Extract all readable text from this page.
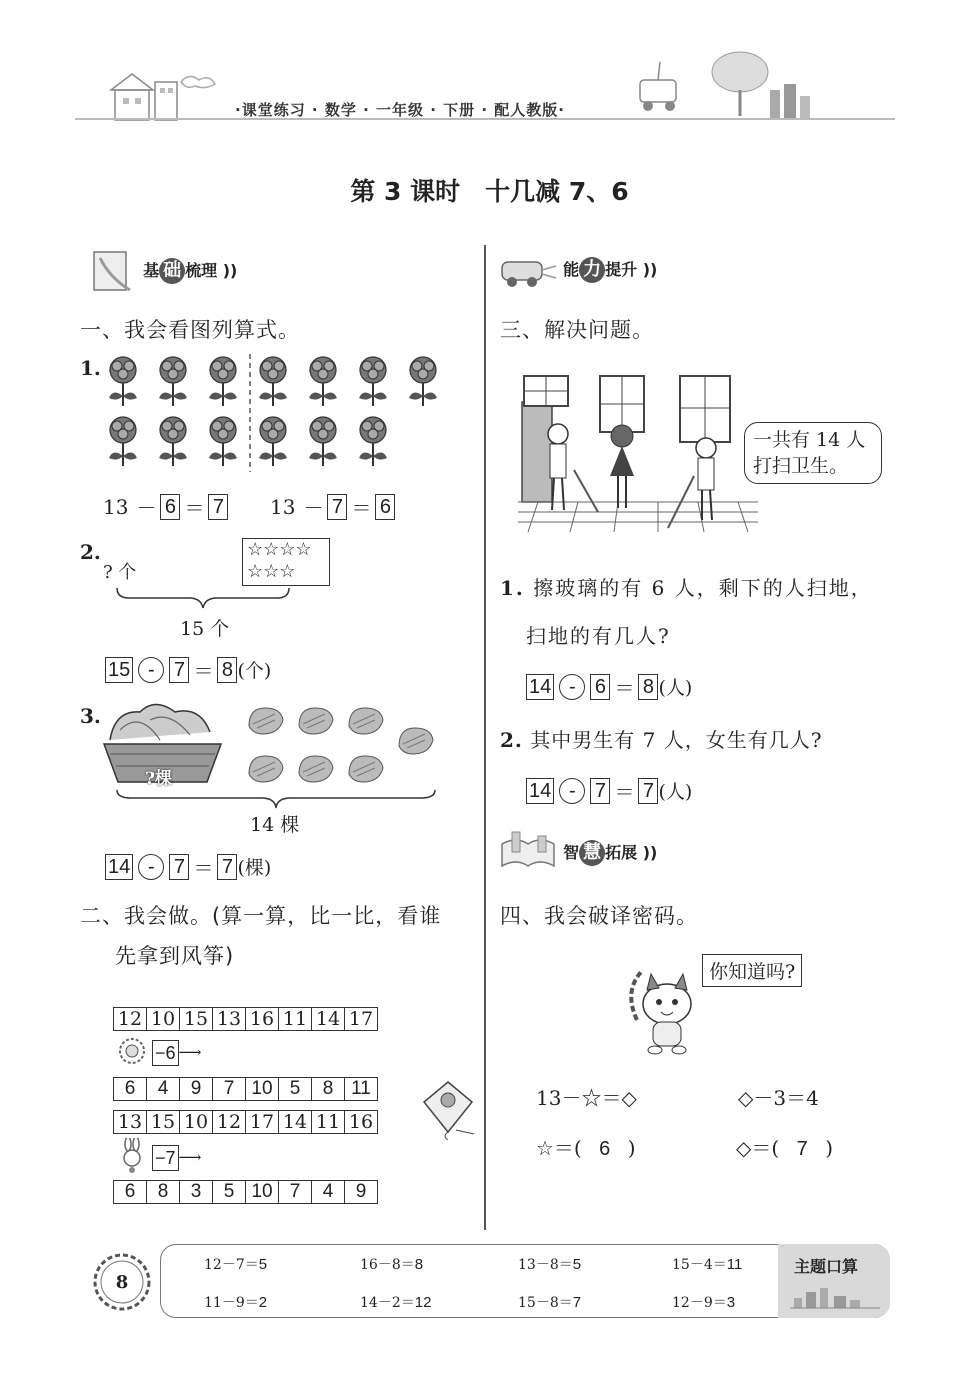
·课堂练习 · 数学 · 一年级 · 下册 · 配人教版·
第 3 课时　十几减 7、6
基 础 梳理 ))
一、我会看图列算式。
1.
13 － 6 ＝ 7 13 － 7 ＝ 6
2.
? 个
☆☆☆☆
☆☆☆
15 个
15 - 7 ＝ 8 (个)
3.
?棵
14 棵
14 - 7 ＝ 7 (棵)
二、我会做。(算一算，比一比，看谁
先拿到风筝)
12	10	15	13	16	11	14	17
−6 ⟶
6	4	9	7	10	5	8	11
13	15	10	12	17	14	11	16
−7 ⟶
6	8	3	5	10	7	4	9
能 力 提升 ))
三、解决问题。
一共有 14 人
打扫卫生。
1. 擦玻璃的有 6 人，剩下的人扫地，
扫地的有几人?
14 - 6 ＝ 8 (人)
2. 其中男生有 7 人，女生有几人?
14 - 7 ＝ 7 (人)
智 慧 拓展 ))
四、我会破译密码。
你知道吗?
13－☆＝◇	◇－3＝4
☆＝( 6 )	◇＝( 7 )
8
主题口算
12－7＝5	16－8＝8	13－8＝5	15－4＝11
11－9＝2	14－2＝12	15－8＝7	12－9＝3
